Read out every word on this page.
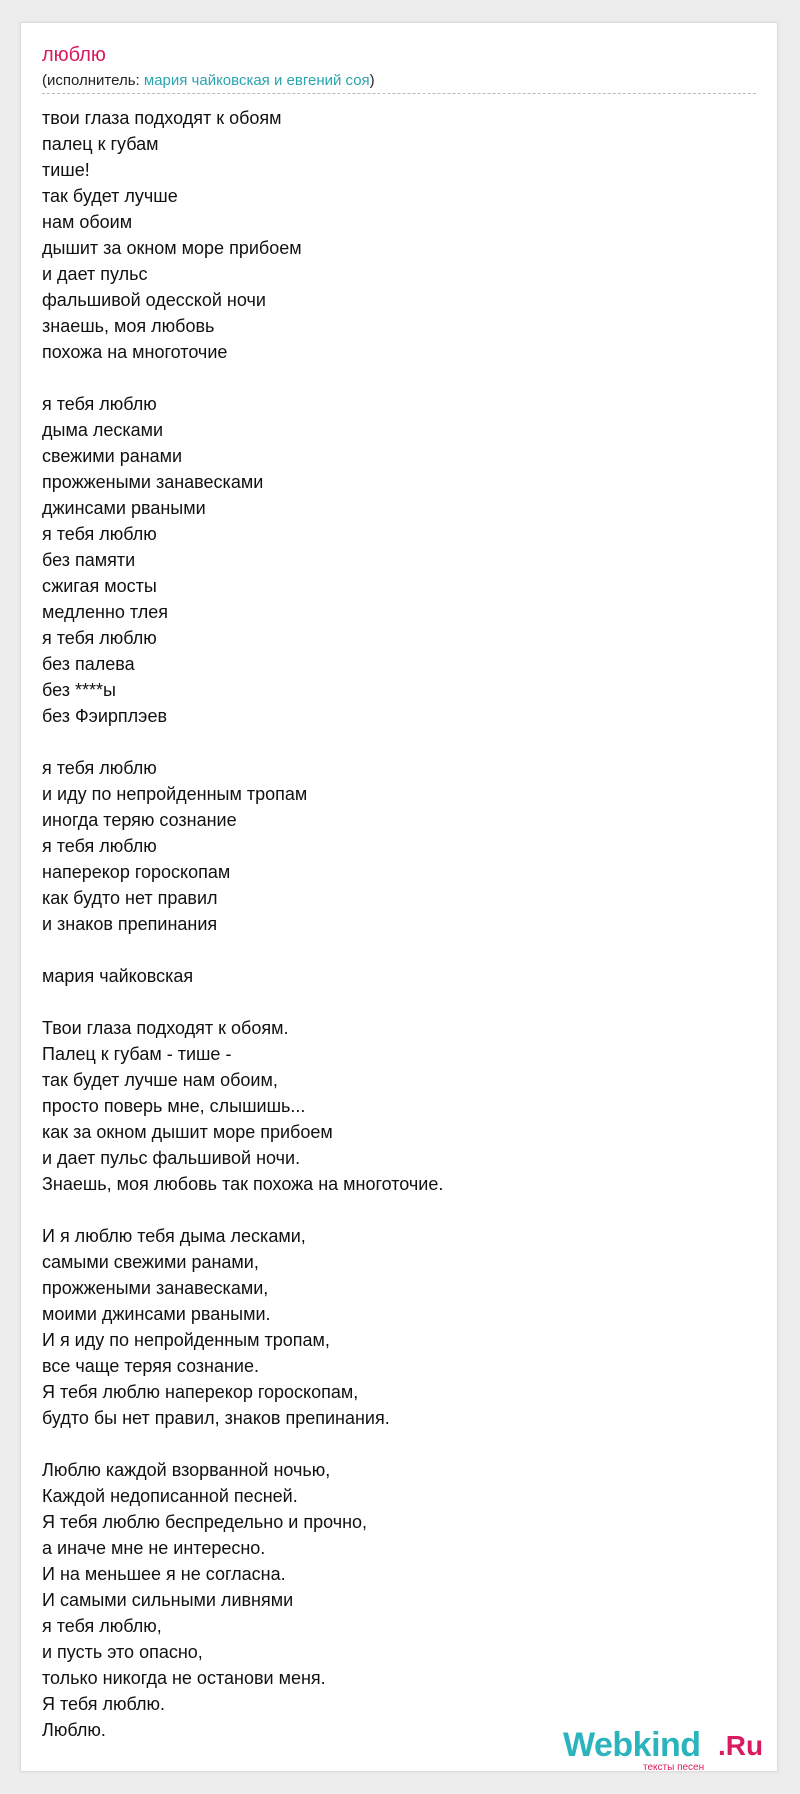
люблю
(исполнитель: мария чайковская и евгений соя)
твои глаза подходят к обоям
палец к губам
тише!
так будет лучше
нам обоим
дышит за окном море прибоем
и дает пульс
фальшивой одесской ночи
знаешь, моя любовь
похожа на многоточие
я тебя люблю
дыма лесками
свежими ранами
прожжеными занавесками
джинсами рваными
я тебя люблю
без памяти
сжигая мосты
медленно тлея
я тебя люблю
без палева
без ****ы
без Фэирплэев
я тебя люблю
и иду по непройденным тропам
иногда теряю сознание
я тебя люблю
наперекор гороскопам
как будто нет правил
и знаков препинания
мария чайковская
Твои глаза подходят к обоям.
Палец к губам - тише -
так будет лучше нам обоим,
просто поверь мне, слышишь...
как за окном дышит море прибоем
и дает пульс фальшивой ночи.
Знаешь, моя любовь так похожа на многоточие.
И я люблю тебя дыма лесками,
самыми свежими ранами,
прожжеными занавесками,
моими джинсами рваными.
И я иду по непройденным тропам,
все чаще теряя сознание.
Я тебя люблю наперекор гороскопам,
будто бы нет правил, знаков препинания.
Люблю каждой взорванной ночью,
Каждой недописанной песней.
Я тебя люблю беспредельно и прочно,
а иначе мне не интересно.
И на меньшее я не согласна.
И самыми сильными ливнями
я тебя люблю,
и пусть это опасно,
только никогда не останови меня.
Я тебя люблю.
Люблю.	Webkind .Ru
тексты песен
